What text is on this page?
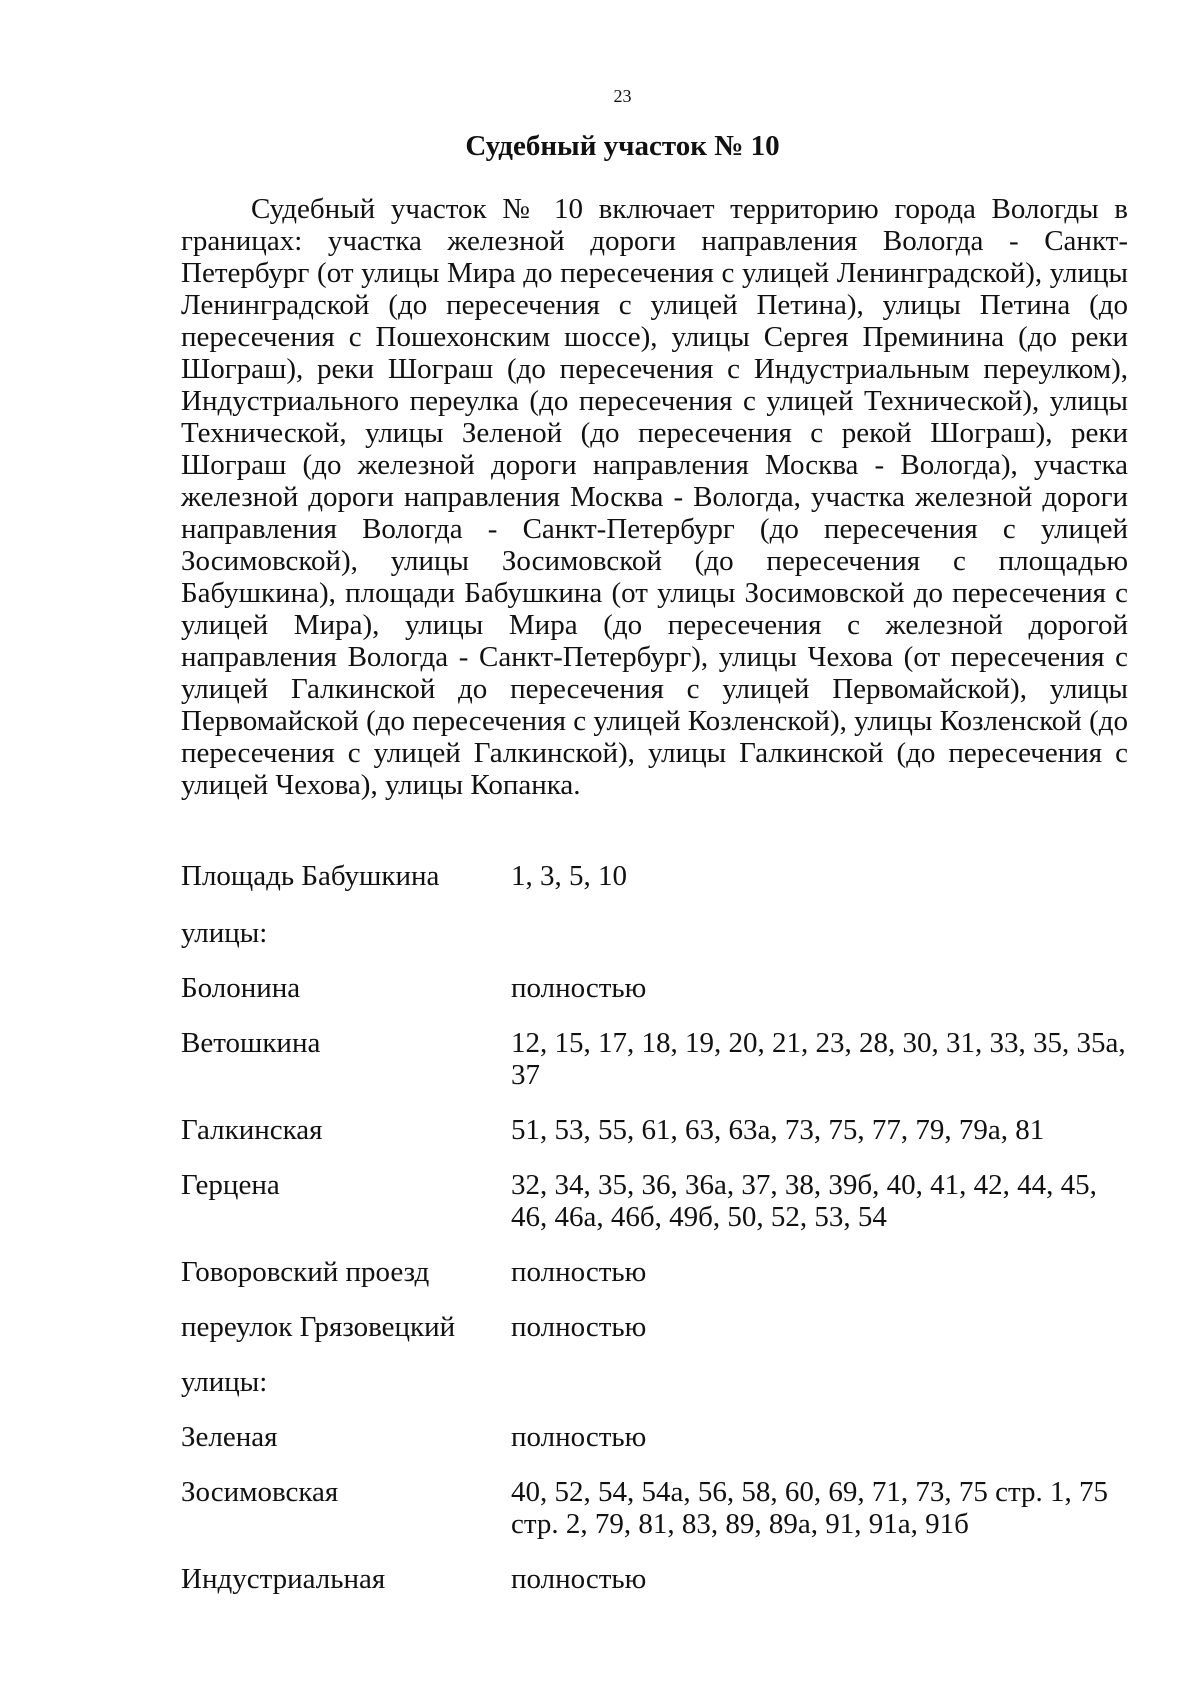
23
Судебный участок № 10

Судебный участок № 10 включает территорию города Вологды в границах: участка железной дороги направления Вологда - Санкт-Петербург (от улицы Мира до пересечения с улицей Ленинградской), улицы Ленинградской (до пересечения с улицей Петина), улицы Петина (до пересечения с Пошехонским шоссе), улицы Сергея Преминина (до реки Шограш), реки Шограш (до пересечения с Индустриальным переулком), Индустриального переулка (до пересечения с улицей Технической), улицы Технической, улицы Зеленой (до пересечения с рекой Шограш), реки Шограш (до железной дороги направления Москва - Вологда), участка железной дороги направления Москва - Вологда, участка железной дороги направления Вологда - Санкт-Петербург (до пересечения с улицей Зосимовской), улицы Зосимовской (до пересечения с площадью Бабушкина), площади Бабушкина (от улицы Зосимовской до пересечения с улицей Мира), улицы Мира (до пересечения с железной дорогой направления Вологда - Санкт-Петербург), улицы Чехова (от пересечения с улицей Галкинской до пересечения с улицей Первомайской), улицы Первомайской (до пересечения с улицей Козленской), улицы Козленской (до пересечения с улицей Галкинской), улицы Галкинской (до пересечения с улицей Чехова), улицы Копанка.

Площадь Бабушкина	1, 3, 5, 10
улицы:
Болонина	полностью
Ветошкина	12, 15, 17, 18, 19, 20, 21, 23, 28, 30, 31, 33, 35, 35а, 37
Галкинская	51, 53, 55, 61, 63, 63а, 73, 75, 77, 79, 79а, 81
Герцена	32, 34, 35, 36, 36а, 37, 38, 39б, 40, 41, 42, 44, 45, 46, 46а, 46б, 49б, 50, 52, 53, 54
Говоровский проезд	полностью
переулок Грязовецкий	полностью
улицы:
Зеленая	полностью
Зосимовская	40, 52, 54, 54а, 56, 58, 60, 69, 71, 73, 75 стр. 1, 75 стр. 2, 79, 81, 83, 89, 89а, 91, 91а, 91б
Индустриальная	полностью
